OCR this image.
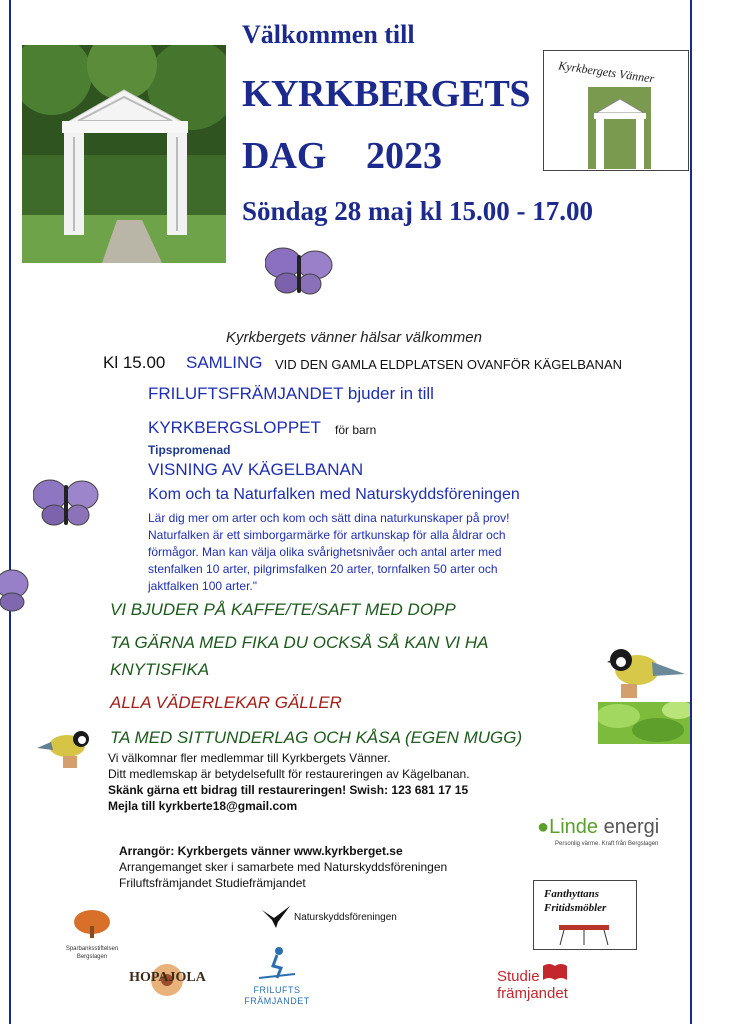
Välkommen till
KYRKBERGETS
DAG 2023
Söndag 28 maj kl 15.00 - 17.00
Kyrkbergets Vänner
Kyrkbergets vänner hälsar välkommen
Kl 15.00 SAMLING VID DEN GAMLA ELDPLATSEN OVANFÖR KÄGELBANAN
FRILUFTSFRÄMJANDET bjuder in till
KYRKBERGSLOPPET för barn
Tipspromenad
VISNING AV KÄGELBANAN
Kom och ta Naturfalken med Naturskyddsföreningen
Lär dig mer om arter och kom och sätt dina naturkunskaper på prov!
Naturfalken är ett simborgarmärke för artkunskap för alla åldrar och
förmågor. Man kan välja olika svårighetsnivåer och antal arter med
stenfalken 10 arter, pilgrimsfalken 20 arter, tornfalken 50 arter och
jaktfalken 100 arter."
VI BJUDER PÅ KAFFE/TE/SAFT MED DOPP
TA GÄRNA MED FIKA DU OCKSÅ SÅ KAN VI HA
KNYTISFIKA
ALLA VÄDERLEKAR GÄLLER
TA MED SITTUNDERLAG OCH KÅSA (EGEN MUGG)
Vi välkomnar fler medlemmar till Kyrkbergets Vänner.
Ditt medlemskap är betydelsefullt för restaureringen av Kägelbanan.
Skänk gärna ett bidrag till restaureringen! Swish: 123 681 17 15
Mejla till kyrkberte18@gmail.com
●Linde energi
Personlig värme. Kraft från Bergslagen
Arrangör: Kyrkbergets vänner www.kyrkberget.se
Arrangemanget sker i samarbete med Naturskyddsföreningen
Friluftsfrämjandet Studiefrämjandet
Naturskyddsföreningen
Fanthyttans
Fritidsmöbler
Sparbanksstiftelsen
Bergslagen
HOPAJOLA
FRILUFTS
FRÄMJANDET
Studie
främjandet
